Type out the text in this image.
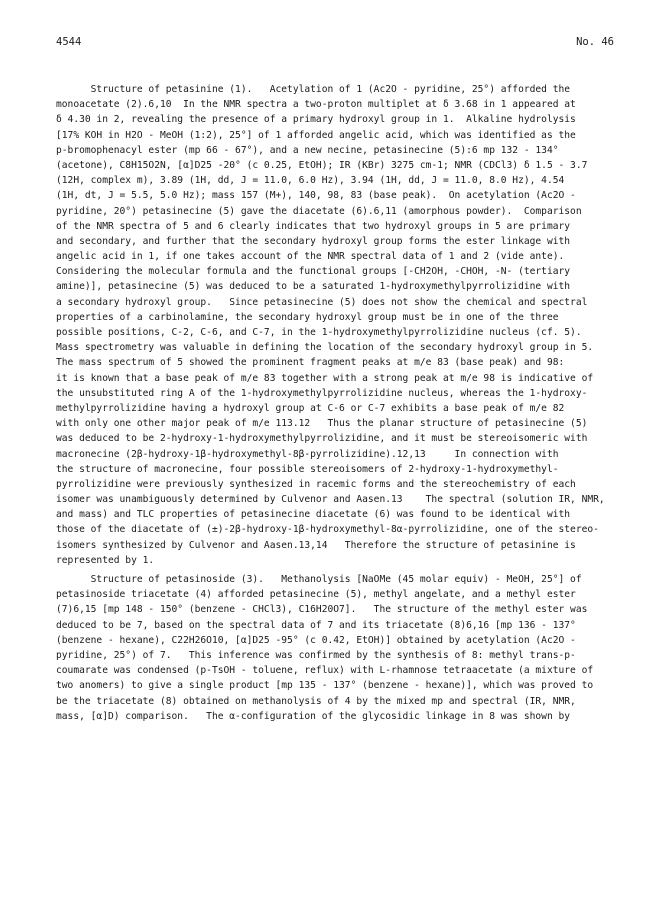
4544	No. 46
Structure of petasinine (1).   Acetylation of 1 (Ac2O - pyridine, 25°) afforded the
monoacetate (2).6,10  In the NMR spectra a two-proton multiplet at δ 3.68 in 1 appeared at
δ 4.30 in 2, revealing the presence of a primary hydroxyl group in 1.  Alkaline hydrolysis
[17% KOH in H2O - MeOH (1:2), 25°] of 1 afforded angelic acid, which was identified as the
p-bromophenacyl ester (mp 66 - 67°), and a new necine, petasinecine (5):6 mp 132 - 134°
(acetone), C8H15O2N, [α]D25 -20° (c 0.25, EtOH); IR (KBr) 3275 cm-1; NMR (CDCl3) δ 1.5 - 3.7
(12H, complex m), 3.89 (1H, dd, J = 11.0, 6.0 Hz), 3.94 (1H, dd, J = 11.0, 8.0 Hz), 4.54
(1H, dt, J = 5.5, 5.0 Hz); mass 157 (M+), 140, 98, 83 (base peak).  On acetylation (Ac2O -
pyridine, 20°) petasinecine (5) gave the diacetate (6).6,11 (amorphous powder).  Comparison
of the NMR spectra of 5 and 6 clearly indicates that two hydroxyl groups in 5 are primary
and secondary, and further that the secondary hydroxyl group forms the ester linkage with
angelic acid in 1, if one takes account of the NMR spectral data of 1 and 2 (vide ante).
Considering the molecular formula and the functional groups [-CH2OH, -CHOH, -N- (tertiary
amine)], petasinecine (5) was deduced to be a saturated 1-hydroxymethylpyrrolizidine with
a secondary hydroxyl group.   Since petasinecine (5) does not show the chemical and spectral
properties of a carbinolamine, the secondary hydroxyl group must be in one of the three
possible positions, C-2, C-6, and C-7, in the 1-hydroxymethylpyrrolizidine nucleus (cf. 5).
Mass spectrometry was valuable in defining the location of the secondary hydroxyl group in 5.
The mass spectrum of 5 showed the prominent fragment peaks at m/e 83 (base peak) and 98:
it is known that a base peak of m/e 83 together with a strong peak at m/e 98 is indicative of
the unsubstituted ring A of the 1-hydroxymethylpyrrolizidine nucleus, whereas the 1-hydroxy-
methylpyrrolizidine having a hydroxyl group at C-6 or C-7 exhibits a base peak of m/e 82
with only one other major peak of m/e 113.12   Thus the planar structure of petasinecine (5)
was deduced to be 2-hydroxy-1-hydroxymethylpyrrolizidine, and it must be stereoisomeric with
macronecine (2β-hydroxy-1β-hydroxymethyl-8β-pyrrolizidine).12,13     In connection with
the structure of macronecine, four possible stereoisomers of 2-hydroxy-1-hydroxymethyl-
pyrrolizidine were previously synthesized in racemic forms and the stereochemistry of each
isomer was unambiguously determined by Culvenor and Aasen.13    The spectral (solution IR, NMR,
and mass) and TLC properties of petasinecine diacetate (6) was found to be identical with
those of the diacetate of (±)-2β-hydroxy-1β-hydroxymethyl-8α-pyrrolizidine, one of the stereo-
isomers synthesized by Culvenor and Aasen.13,14   Therefore the structure of petasinine is
represented by 1.
Structure of petasinoside (3).   Methanolysis [NaOMe (45 molar equiv) - MeOH, 25°] of
petasinoside triacetate (4) afforded petasinecine (5), methyl angelate, and a methyl ester
(7)6,15 [mp 148 - 150° (benzene - CHCl3), C16H20O7].   The structure of the methyl ester was
deduced to be 7, based on the spectral data of 7 and its triacetate (8)6,16 [mp 136 - 137°
(benzene - hexane), C22H26O10, [α]D25 -95° (c 0.42, EtOH)] obtained by acetylation (Ac2O -
pyridine, 25°) of 7.   This inference was confirmed by the synthesis of 8: methyl trans-p-
coumarate was condensed (p-TsOH - toluene, reflux) with L-rhamnose tetraacetate (a mixture of
two anomers) to give a single product [mp 135 - 137° (benzene - hexane)], which was proved to
be the triacetate (8) obtained on methanolysis of 4 by the mixed mp and spectral (IR, NMR,
mass, [α]D) comparison.   The α-configuration of the glycosidic linkage in 8 was shown by
